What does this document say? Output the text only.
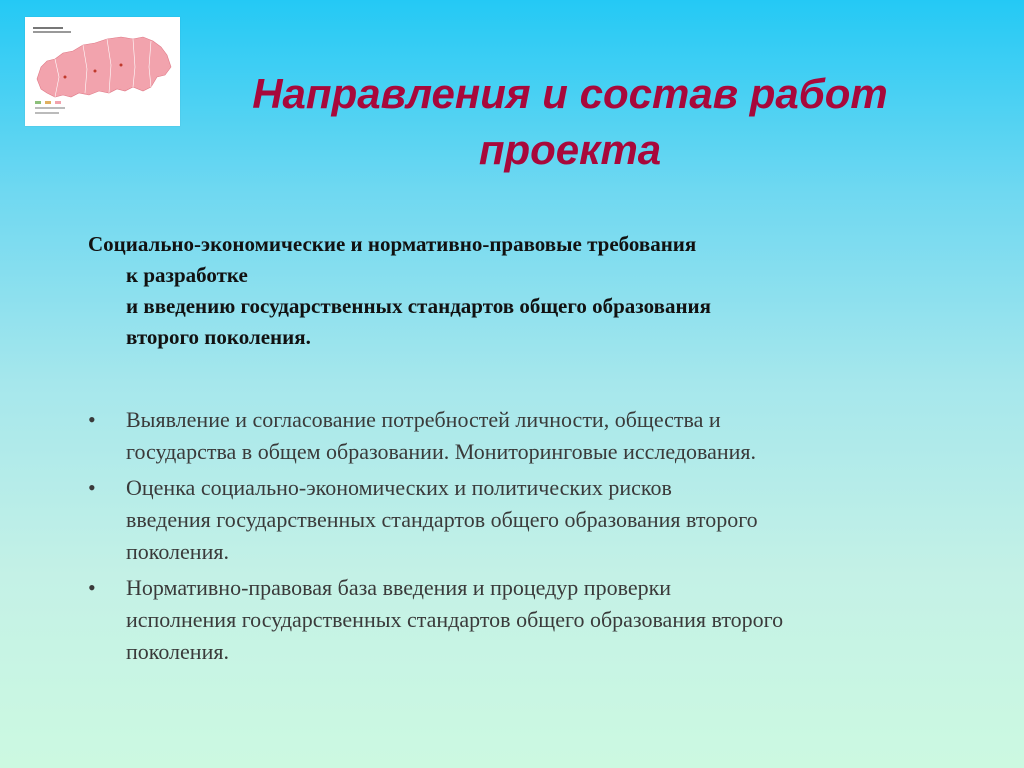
Направления и состав работ
проекта
Социально-экономические и нормативно-правовые требования
к разработке
и введению государственных стандартов общего образования
второго поколения.
• Выявление и согласование потребностей личности, общества и
государства в общем образовании. Мониторинговые исследования.
• Оценка социально-экономических и политических рисков
введения государственных стандартов общего образования второго
поколения.
• Нормативно-правовая база введения и процедур проверки
исполнения государственных стандартов общего образования второго
поколения.
